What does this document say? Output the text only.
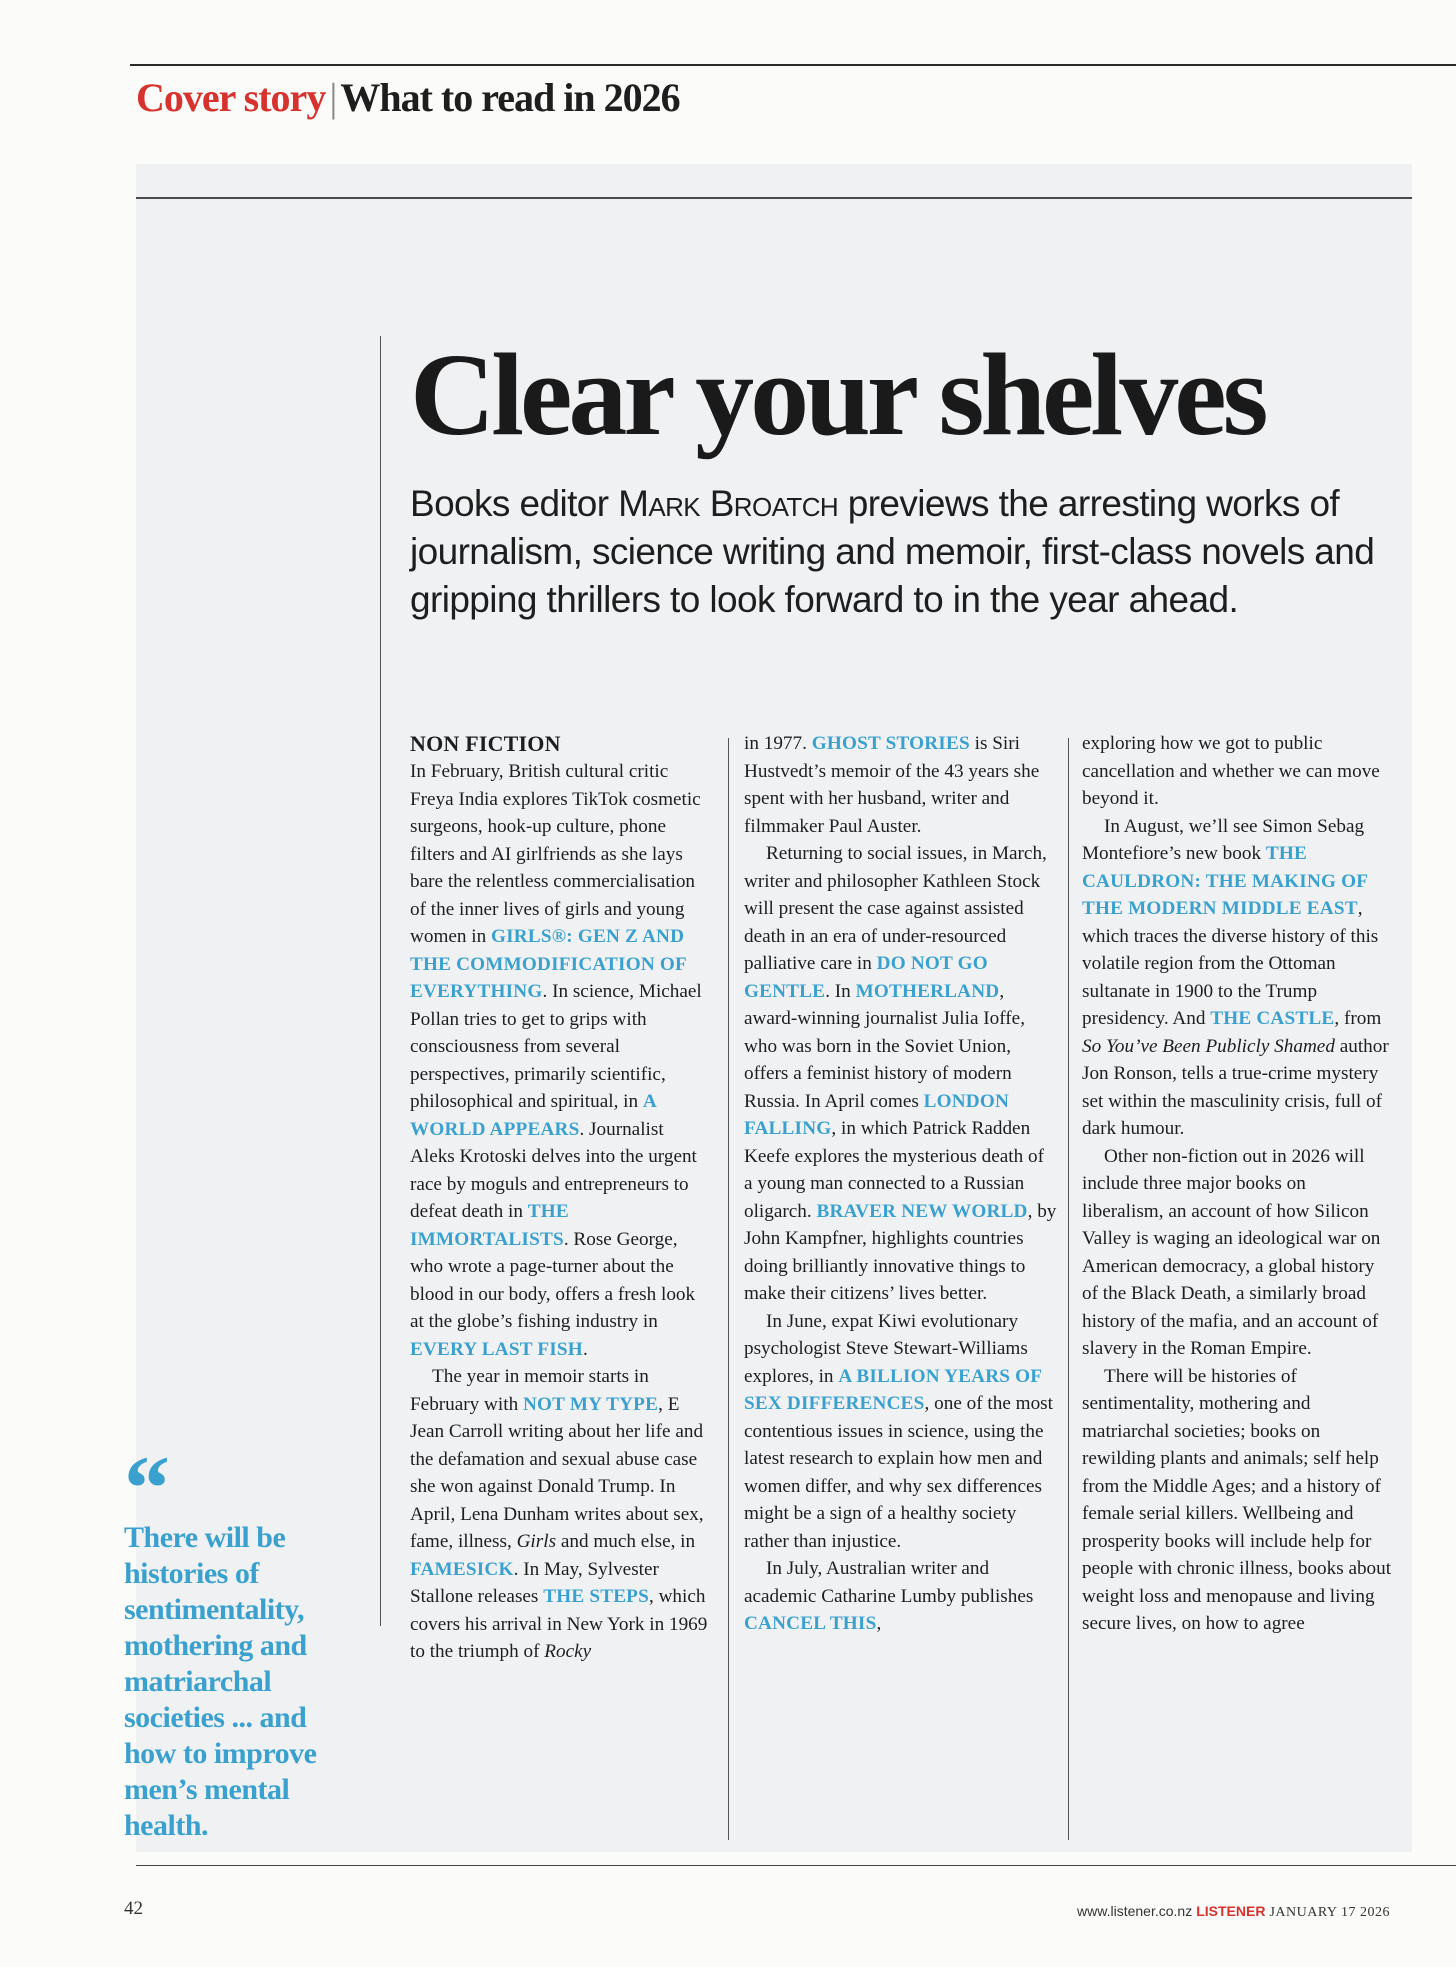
Cover story | What to read in 2026
Clear your shelves
Books editor Mark Broatch previews the arresting works of journalism, science writing and memoir, first-class novels and gripping thrillers to look forward to in the year ahead.
NON FICTION

In February, British cultural critic Freya India explores TikTok cosmetic surgeons, hook-up culture, phone filters and AI girlfriends as she lays bare the relentless commercialisation of the inner lives of girls and young women in GIRLS®: GEN Z AND THE COMMODIFICATION OF EVERYTHING. In science, Michael Pollan tries to get to grips with consciousness from several perspectives, primarily scientific, philosophical and spiritual, in A WORLD APPEARS. Journalist Aleks Krotoski delves into the urgent race by moguls and entrepreneurs to defeat death in THE IMMORTALISTS. Rose George, who wrote a page-turner about the blood in our body, offers a fresh look at the globe’s fishing industry in EVERY LAST FISH.

The year in memoir starts in February with NOT MY TYPE, E Jean Carroll writing about her life and the defamation and sexual abuse case she won against Donald Trump. In April, Lena Dunham writes about sex, fame, illness, Girls and much else, in FAMESICK. In May, Sylvester Stallone releases THE STEPS, which covers his arrival in New York in 1969 to the triumph of Rocky

in 1977. GHOST STORIES is Siri Hustvedt’s memoir of the 43 years she spent with her husband, writer and filmmaker Paul Auster.

Returning to social issues, in March, writer and philosopher Kathleen Stock will present the case against assisted death in an era of under-resourced palliative care in DO NOT GO GENTLE. In MOTHERLAND, award-winning journalist Julia Ioffe, who was born in the Soviet Union, offers a feminist history of modern Russia. In April comes LONDON FALLING, in which Patrick Radden Keefe explores the mysterious death of a young man connected to a Russian oligarch. BRAVER NEW WORLD, by John Kampfner, highlights countries doing brilliantly innovative things to make their citizens’ lives better.

In June, expat Kiwi evolutionary psychologist Steve Stewart-Williams explores, in A BILLION YEARS OF SEX DIFFERENCES, one of the most contentious issues in science, using the latest research to explain how men and women differ, and why sex differences might be a sign of a healthy society rather than injustice.

In July, Australian writer and academic Catharine Lumby publishes CANCEL THIS,

exploring how we got to public cancellation and whether we can move beyond it.

In August, we’ll see Simon Sebag Montefiore’s new book THE CAULDRON: THE MAKING OF THE MODERN MIDDLE EAST, which traces the diverse history of this volatile region from the Ottoman sultanate in 1900 to the Trump presidency. And THE CASTLE, from So You’ve Been Publicly Shamed author Jon Ronson, tells a true-crime mystery set within the masculinity crisis, full of dark humour.

Other non-fiction out in 2026 will include three major books on liberalism, an account of how Silicon Valley is waging an ideological war on American democracy, a global history of the Black Death, a similarly broad history of the mafia, and an account of slavery in the Roman Empire.

There will be histories of sentimentality, mothering and matriarchal societies; books on rewilding plants and animals; self help from the Middle Ages; and a history of female serial killers. Wellbeing and prosperity books will include help for people with chronic illness, books about weight loss and menopause and living secure lives, on how to agree

“
There will be histories of sentimentality, mothering and matriarchal societies ... and how to improve men’s mental health.
42	www.listener.co.nz LISTENER JANUARY 17 2026
